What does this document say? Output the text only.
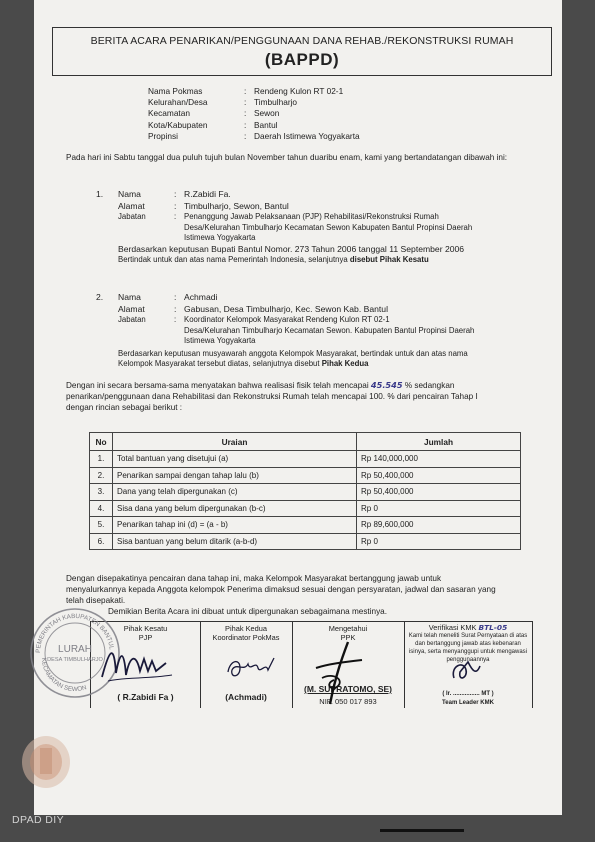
BERITA ACARA PENARIKAN/PENGGUNAAN DANA REHAB./REKONSTRUKSI RUMAH
(BAPPD)
Nama Pokmas	: Rendeng Kulon RT 02-1
Kelurahan/Desa	: Timbulharjo
Kecamatan	: Sewon
Kota/Kabupaten	: Bantul
Propinsi	: Daerah Istimewa Yogyakarta
Pada hari ini Sabtu tanggal dua puluh tujuh bulan November tahun duaribu enam, kami yang bertandatangan dibawah ini:
1.	Nama	: R.Zabidi Fa.
Alamat	: Timbulharjo, Sewon, Bantul
Jabatan	:	Penanggung Jawab Pelaksanaan (PJP) Rehabilitasi/Rekonstruksi Rumah
Desa/Kelurahan Timbulharjo Kecamatan Sewon Kabupaten Bantul Propinsi Daerah
Istimewa Yogyakarta
Berdasarkan keputusan Bupati Bantul Nomor. 273 Tahun 2006 tanggal 11 September 2006
Bertindak untuk dan atas nama Pemerintah Indonesia, selanjutnya disebut Pihak Kesatu
2.	Nama	: Achmadi
Alamat	: Gabusan, Desa Timbulharjo, Kec. Sewon Kab. Bantul
Jabatan	:	Koordinator Kelompok Masyarakat Rendeng Kulon RT 02-1
Desa/Kelurahan Timbulharjo Kecamatan Sewon. Kabupaten Bantul Propinsi Daerah
Istimewa Yogyakarta
Berdasarkan keputusan musyawarah anggota Kelompok Masyarakat, bertindak untuk dan atas nama
Kelompok Masyarakat tersebut diatas, selanjutnya disebut Pihak Kedua
Dengan ini secara bersama-sama menyatakan bahwa realisasi fisik telah mencapai 45.545 % sedangkan
penarikan/penggunaan dana Rehabilitasi dan Rekonstruksi Rumah telah mencapai 100. % dari pencairan Tahap I
dengan rincian sebagai berikut :
No	Uraian	Jumlah
1.	Total bantuan yang disetujui (a)	Rp 140,000,000
2.	Penarikan sampai dengan tahap lalu (b)	Rp 50,400,000
3.	Dana yang telah dipergunakan (c)	Rp 50,400,000
4.	Sisa dana yang belum dipergunakan (b-c)	Rp 0
5.	Penarikan tahap ini (d) = (a - b)	Rp 89,600,000
6.	Sisa bantuan yang belum ditarik (a-b-d)	Rp 0
Dengan disepakatinya pencairan dana tahap ini, maka Kelompok Masyarakat bertanggung jawab untuk
menyalurkannya kepada Anggota kelompok Penerima dimaksud sesuai dengan persyaratan, jadwal dan sasaran yang
telah disepakati.
Demikian Berita Acara ini dibuat untuk dipergunakan sebagaimana mestinya.
Pihak Kesatu
PJP
( R.Zabidi Fa )
Pihak Kedua
Koordinator PokMas
(Achmadi)
Mengetahui
PPK
(M. SUPRATOMO, SE)
NIP. 050 017 893
Verifikasi KMK BTL-05
Kami telah meneliti Surat Pernyataan di atas
dan bertanggung jawab atas kebenaran
isinya, serta menyanggupi untuk mengawasi
penggunaannya
( Ir. ................ MT )
Team Leader KMK
PEMERINTAH KABUPATEN BANTUL
LURAH
DESA TIMBULHARJO
KECAMATAN SEWON
DPAD DIY
